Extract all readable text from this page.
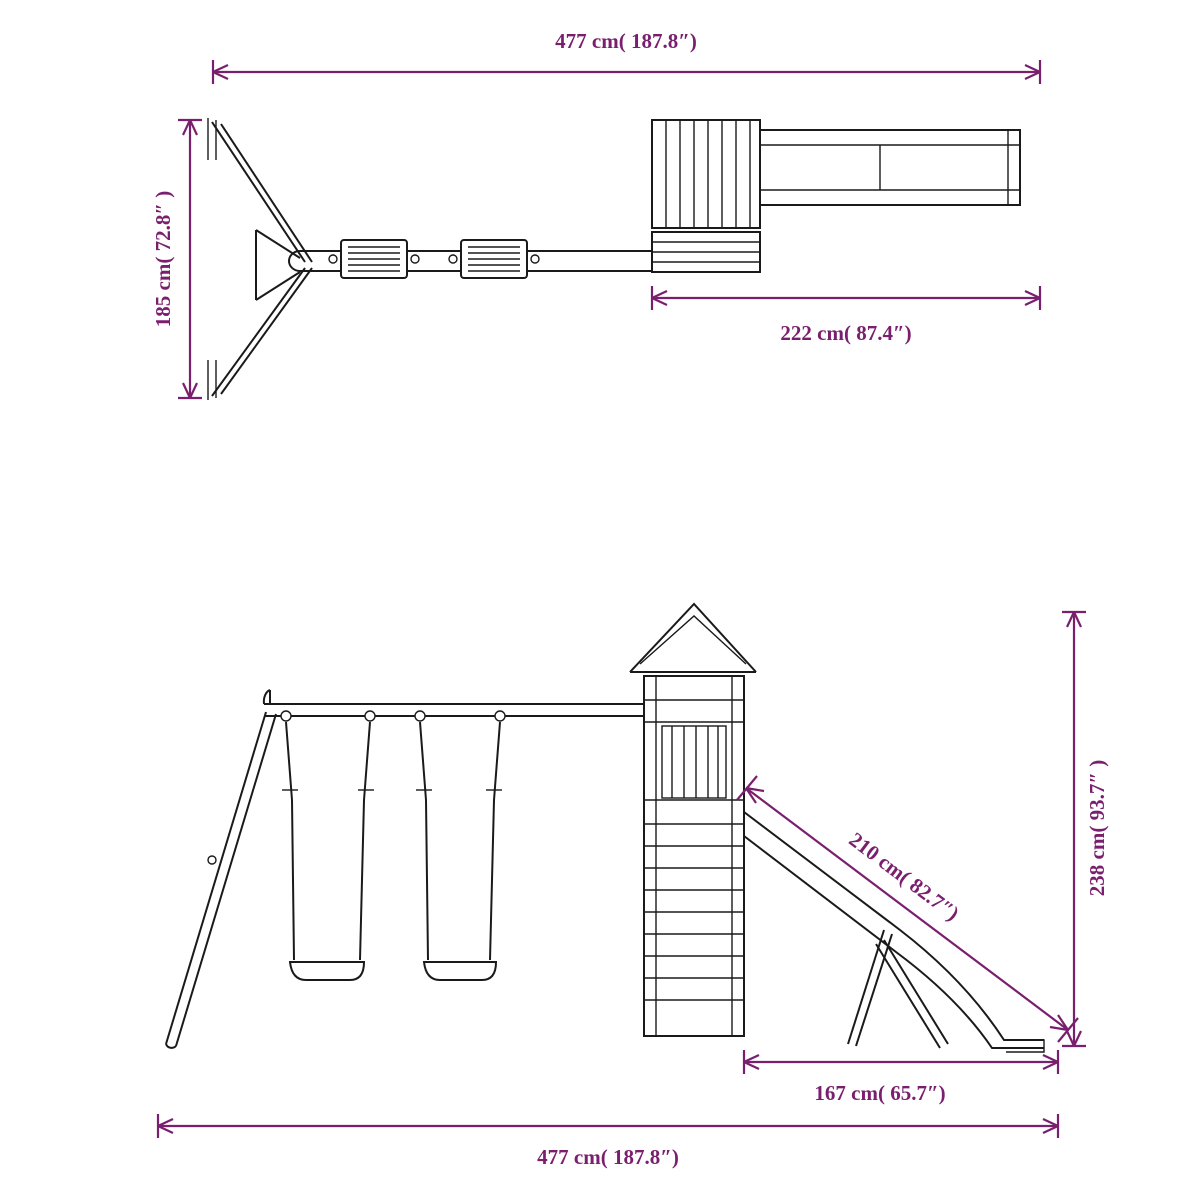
477 cm( 187.8″)
185 cm( 72.8″ )
222 cm( 87.4″)
238 cm( 93.7″ )
210 cm( 82.7″)
167 cm( 65.7″)
477 cm( 187.8″)
